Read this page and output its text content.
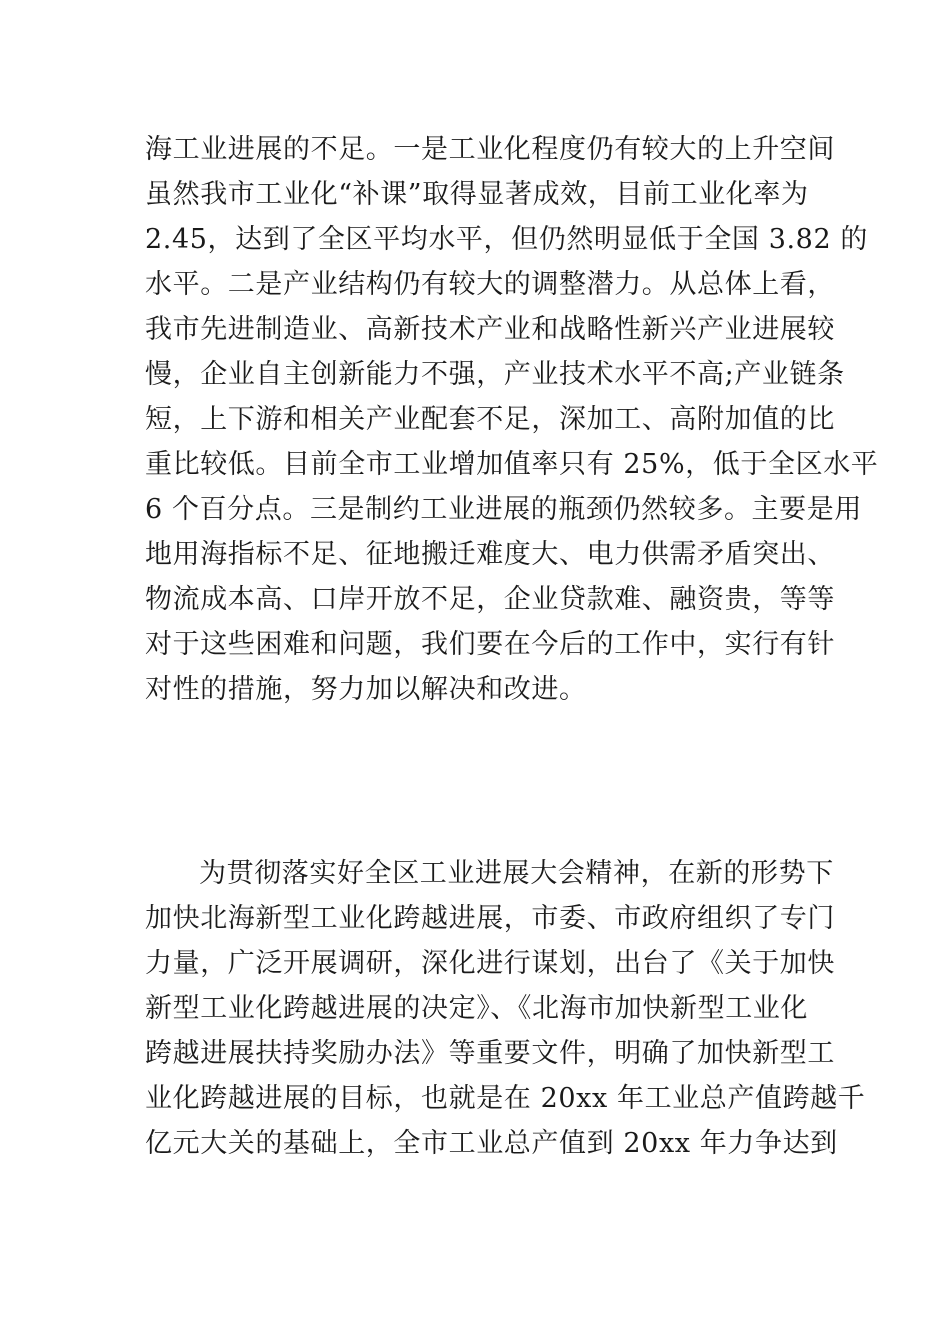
海工业进展的不足。一是工业化程度仍有较大的上升空间
虽然我市工业化“补课”取得显著成效，目前工业化率为
2.45，达到了全区平均水平，但仍然明显低于全国 3.82 的
水平。二是产业结构仍有较大的调整潜力。从总体上看，
我市先进制造业、高新技术产业和战略性新兴产业进展较
慢，企业自主创新能力不强，产业技术水平不高;产业链条
短，上下游和相关产业配套不足，深加工、高附加值的比
重比较低。目前全市工业增加值率只有 25%，低于全区水平
6 个百分点。三是制约工业进展的瓶颈仍然较多。主要是用
地用海指标不足、征地搬迁难度大、电力供需矛盾突出、
物流成本高、口岸开放不足，企业贷款难、融资贵，等等
对于这些困难和问题，我们要在今后的工作中，实行有针
对性的措施，努力加以解决和改进。

为贯彻落实好全区工业进展大会精神，在新的形势下
加快北海新型工业化跨越进展，市委、市政府组织了专门
力量，广泛开展调研，深化进行谋划，出台了《关于加快
新型工业化跨越进展的决定》、《北海市加快新型工业化
跨越进展扶持奖励办法》等重要文件，明确了加快新型工
业化跨越进展的目标，也就是在 20xx 年工业总产值跨越千
亿元大关的基础上，全市工业总产值到 20xx 年力争达到
